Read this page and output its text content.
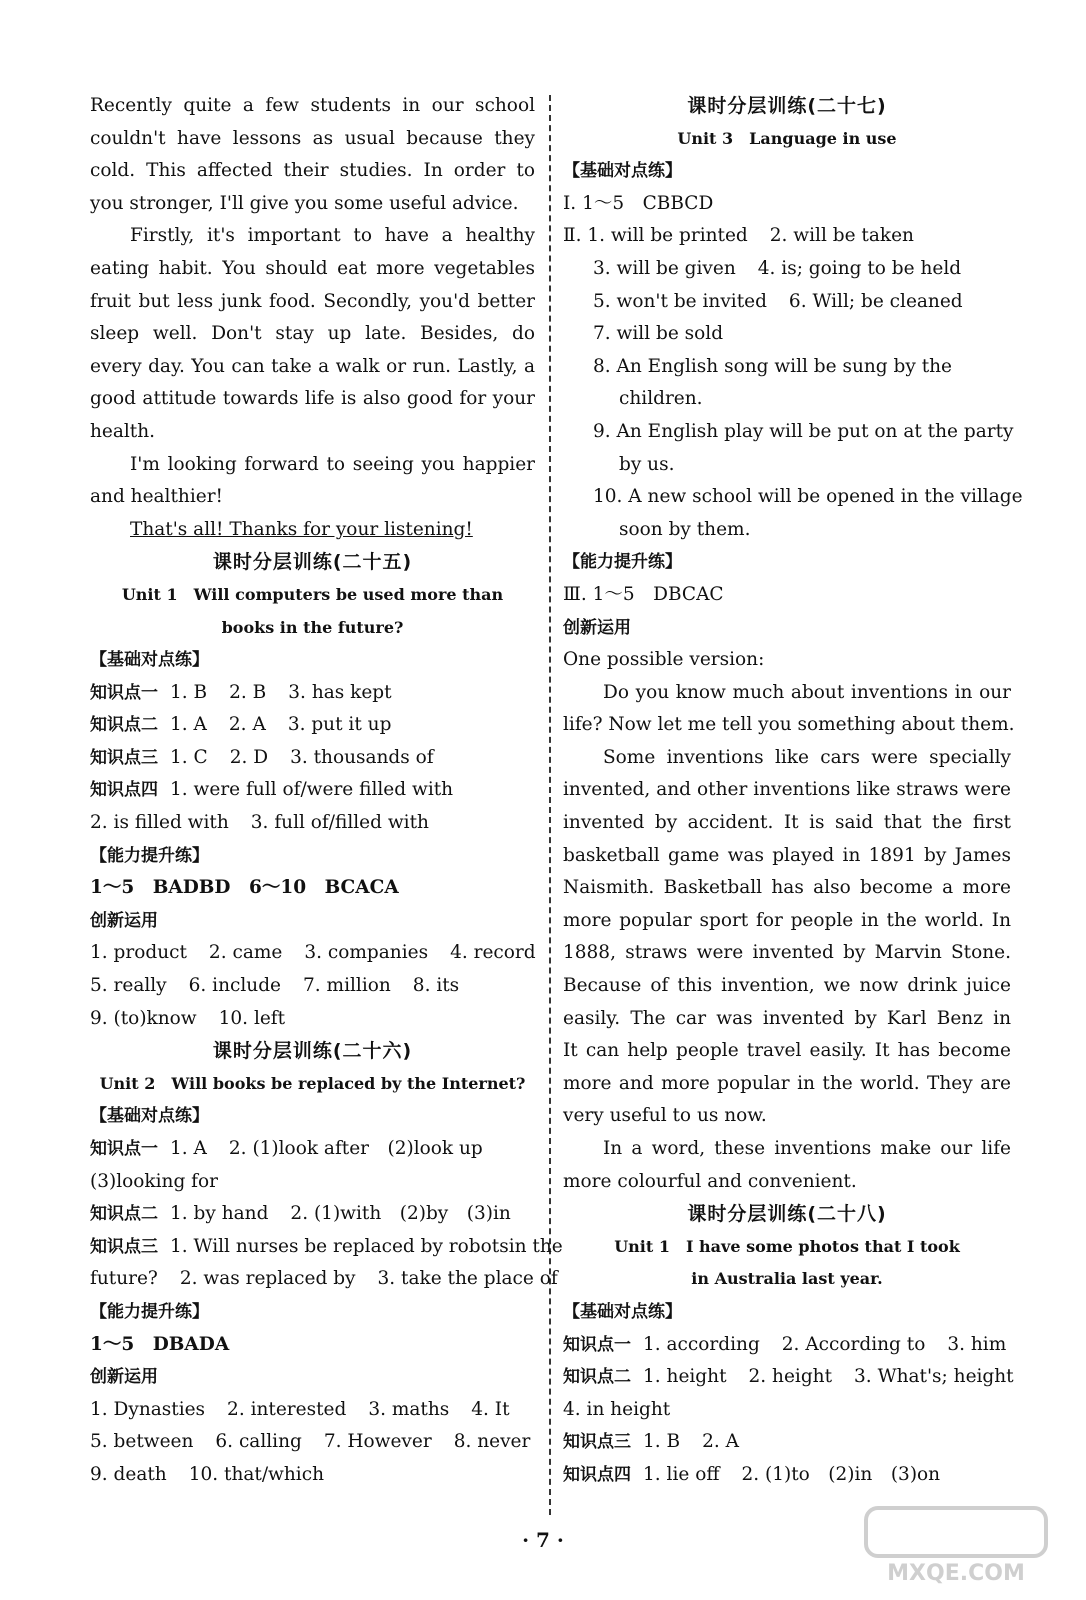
Recently quite a few students in our school
couldn't have lessons as usual because they
cold. This affected their studies. In order to
you stronger, I'll give you some useful advice.
Firstly, it's important to have a healthy
eating habit. You should eat more vegetables
fruit but less junk food. Secondly, you'd better
sleep well. Don't stay up late. Besides, do
every day. You can take a walk or run. Lastly, a
good attitude towards life is also good for your
health.
I'm looking forward to seeing you happier
and healthier!
That's all! Thanks for your listening!
课时分层训练(二十五)
Unit 1　Will computers be used more than
books in the future?
【基础对点练】
知识点一 1. B 2. B 3. has kept
知识点二 1. A 2. A 3. put it up
知识点三 1. C 2. D 3. thousands of
知识点四 1. were full of/were filled with
2. is filled with 3. full of/filled with
【能力提升练】
1～5　BADBD　6～10　BCACA
创新运用
1. product 2. came 3. companies 4. record
5. really 6. include 7. million 8. its
9. (to)know 10. left
课时分层训练(二十六)
Unit 2　Will books be replaced by the Internet?
【基础对点练】
知识点一 1. A 2. (1)look after　(2)look up
(3)looking for
知识点二 1. by hand 2. (1)with　(2)by　(3)in
知识点三 1. Will nurses be replaced by robotsin the
future? 2. was replaced by 3. take the place of
【能力提升练】
1～5　DBADA
创新运用
1. Dynasties 2. interested 3. maths 4. It
5. between 6. calling 7. However 8. never
9. death 10. that/which
课时分层训练(二十七)
Unit 3　Language in use
【基础对点练】
Ⅰ. 1～5　CBBCD
Ⅱ. 1. will be printed 2. will be taken
3. will be given 4. is; going to be held
5. won't be invited 6. Will; be cleaned
7. will be sold
8. An English song will be sung by the
children.
9. An English play will be put on at the party
by us.
10. A new school will be opened in the village
soon by them.
【能力提升练】
Ⅲ. 1～5　DBCAC
创新运用
One possible version:
Do you know much about inventions in our
life? Now let me tell you something about them.
Some inventions like cars were specially
invented, and other inventions like straws were
invented by accident. It is said that the first
basketball game was played in 1891 by James
Naismith. Basketball has also become a more
more popular sport for people in the world. In
1888, straws were invented by Marvin Stone.
Because of this invention, we now drink juice
easily. The car was invented by Karl Benz in
It can help people travel easily. It has become
more and more popular in the world. They are
very useful to us now.
In a word, these inventions make our life
more colourful and convenient.
课时分层训练(二十八)
Unit 1　I have some photos that I took
in Australia last year.
【基础对点练】
知识点一 1. according 2. According to 3. him
知识点二 1. height 2. height 3. What's; height
4. in height
知识点三 1. B 2. A
知识点四 1. lie off 2. (1)to　(2)in　(3)on
· 7 ·
MXQE.COM
